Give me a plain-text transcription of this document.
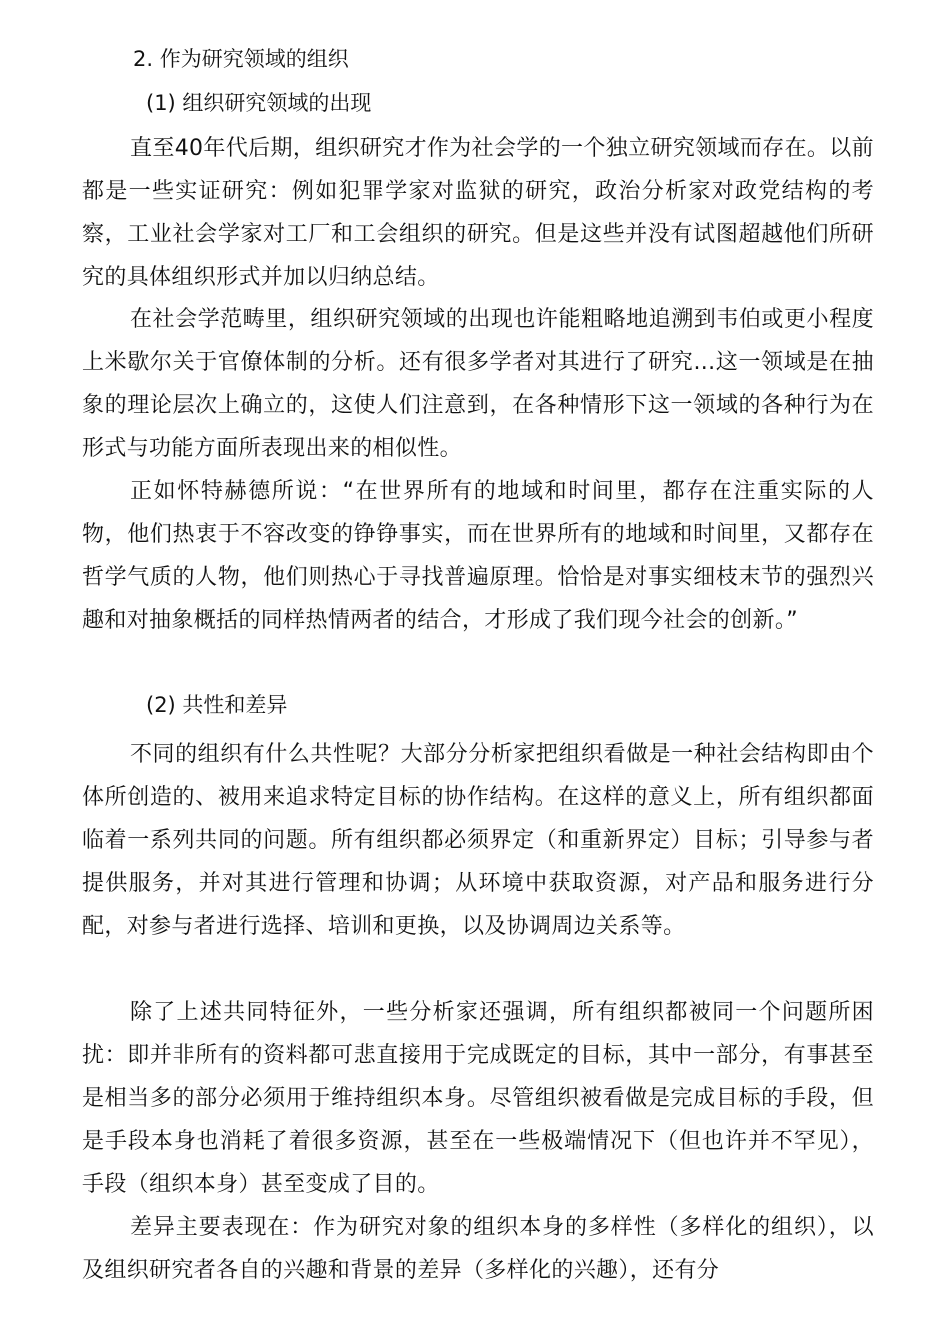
2. 作为研究领域的组织
(1) 组织研究领域的出现

直至40年代后期，组织研究才作为社会学的一个独立研究领域而存在。以前都是一些实证研究：例如犯罪学家对监狱的研究，政治分析家对政党结构的考察，工业社会学家对工厂和工会组织的研究。但是这些并没有试图超越他们所研究的具体组织形式并加以归纳总结。

在社会学范畴里，组织研究领域的出现也许能粗略地追溯到韦伯或更小程度上米歇尔关于官僚体制的分析。还有很多学者对其进行了研究...这一领域是在抽象的理论层次上确立的，这使人们注意到，在各种情形下这一领域的各种行为在形式与功能方面所表现出来的相似性。

正如怀特赫德所说：“在世界所有的地域和时间里，都存在注重实际的人物，他们热衷于不容改变的铮铮事实，而在世界所有的地域和时间里，又都存在哲学气质的人物，他们则热心于寻找普遍原理。恰恰是对事实细枝末节的强烈兴趣和对抽象概括的同样热情两者的结合，才形成了我们现今社会的创新。”

(2) 共性和差异

不同的组织有什么共性呢？大部分分析家把组织看做是一种社会结构即由个体所创造的、被用来追求特定目标的协作结构。在这样的意义上，所有组织都面临着一系列共同的问题。所有组织都必须界定（和重新界定）目标；引导参与者提供服务，并对其进行管理和协调；从环境中获取资源，对产品和服务进行分配，对参与者进行选择、培训和更换，以及协调周边关系等。

除了上述共同特征外，一些分析家还强调，所有组织都被同一个问题所困扰：即并非所有的资料都可悲直接用于完成既定的目标，其中一部分，有事甚至是相当多的部分必须用于维持组织本身。尽管组织被看做是完成目标的手段，但是手段本身也消耗了着很多资源，甚至在一些极端情况下（但也许并不罕见），手段（组织本身）甚至变成了目的。

差异主要表现在：作为研究对象的组织本身的多样性（多样化的组织），以及组织研究者各自的兴趣和背景的差异（多样化的兴趣），还有分
